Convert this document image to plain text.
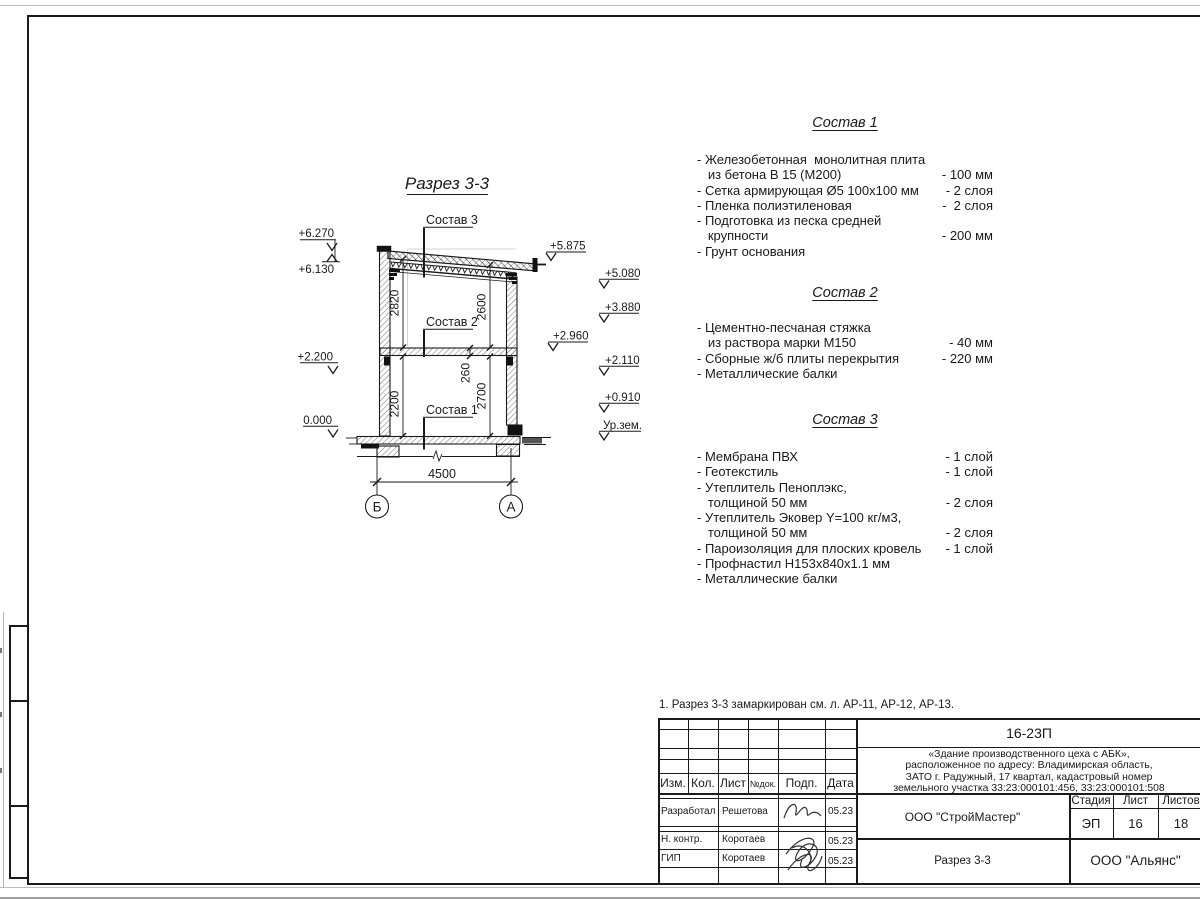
Разрез 3-3
2820
2200
2600
2700
260
Состав 3
Состав 2
Состав 1
+6.270
+6.130
+2.200
0.000
+5.875
+5.080
+3.880
+2.960
+2.110
+0.910
Ур.зем.
4500
Б	А
Состав 1
- Железобетонная  монолитная плита
из бетона В 15 (М200)	- 100 мм
- Сетка армирующая Ø5 100x100 мм - 2 слоя
- Пленка полиэтиленовая	-  2 слоя
- Подготовка из песка средней
крупности	- 200 мм
- Грунт основания
Состав 2
- Цементно-песчаная стяжка
из раствора марки М150	- 40 мм
- Сборные ж/б плиты перекрытия	- 220 мм
- Металлические балки
Состав 3
- Мембрана ПВХ	- 1 слой
- Геотекстиль	- 1 слой
- Утеплитель Пеноплэкс,
толщиной 50 мм	- 2 слоя
- Утеплитель Эковер Y=100 кг/м3,
толщиной 50 мм	- 2 слоя
- Пароизоляция для плоских кровель - 1 слой
- Профнастил Н153х840х1.1 мм
- Металлические балки
1. Разрез 3-3 замаркирован см. л. АР-11, АР-12, АР-13.
16-23П
«Здание производственного цеха с АБК»,
расположенное по адресу: Владимирская область,
ЗАТО г. Радужный, 17 квартал, кадастровый номер
земельного участка 33:23:000101:456, 33:23:000101:508
Изм. Кол. Лист №док. Подп. Дата
Разработал Решетова	05.23
Н. контр. Коротаев	05.23
ГИП	Коротаев	05.23
ООО "СтройМастер"
Стадия	Лист	Листов
ЭП	16	18
Разрез 3-3	ООО "Альянс"
